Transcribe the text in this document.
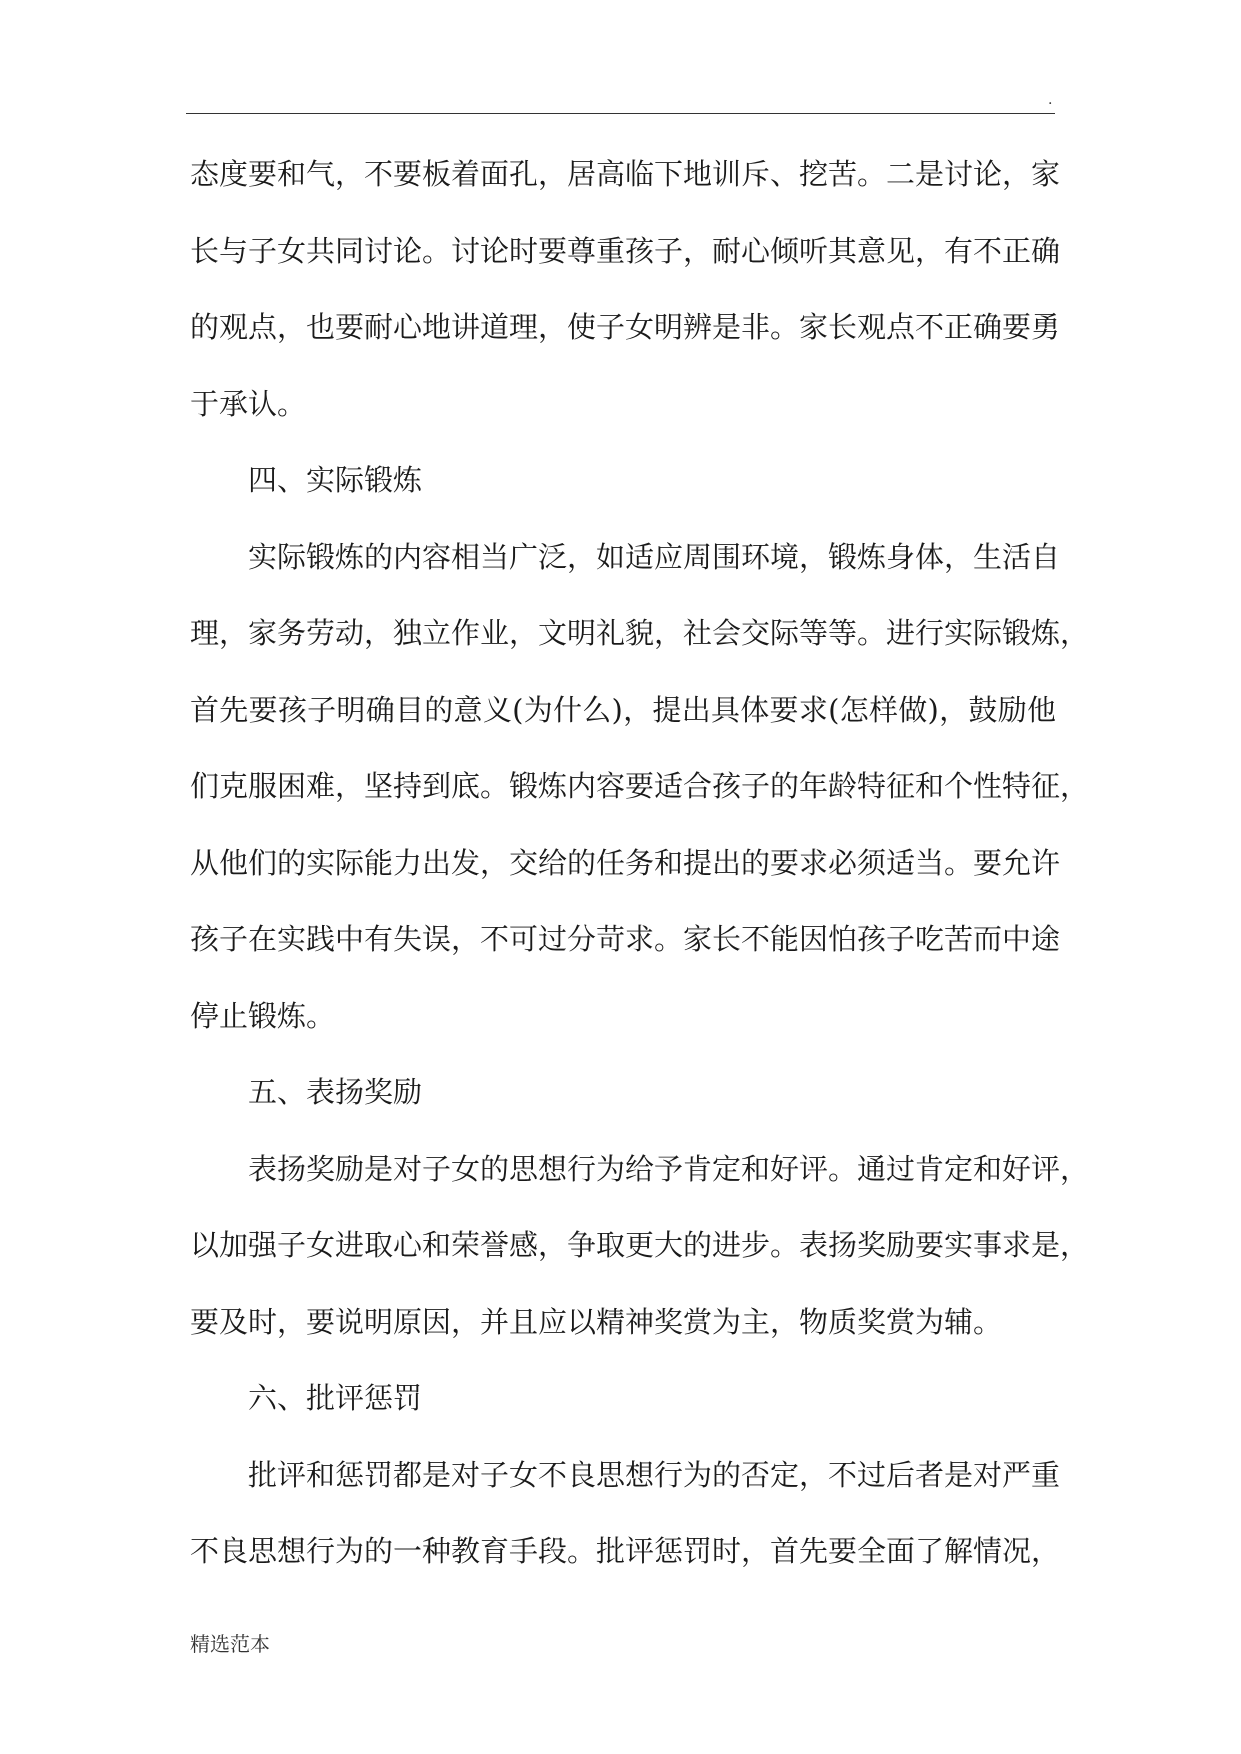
.
态度要和气，不要板着面孔，居高临下地训斥、挖苦。二是讨论，家
长与子女共同讨论。讨论时要尊重孩子，耐心倾听其意见，有不正确
的观点，也要耐心地讲道理，使子女明辨是非。家长观点不正确要勇
于承认。
四、实际锻炼
实际锻炼的内容相当广泛，如适应周围环境，锻炼身体，生活自
理，家务劳动，独立作业，文明礼貌，社会交际等等。进行实际锻炼，
首先要孩子明确目的意义(为什么)，提出具体要求(怎样做)，鼓励他
们克服困难，坚持到底。锻炼内容要适合孩子的年龄特征和个性特征，
从他们的实际能力出发，交给的任务和提出的要求必须适当。要允许
孩子在实践中有失误，不可过分苛求。家长不能因怕孩子吃苦而中途
停止锻炼。
五、表扬奖励
表扬奖励是对子女的思想行为给予肯定和好评。通过肯定和好评，
以加强子女进取心和荣誉感，争取更大的进步。表扬奖励要实事求是，
要及时，要说明原因，并且应以精神奖赏为主，物质奖赏为辅。
六、批评惩罚
批评和惩罚都是对子女不良思想行为的否定，不过后者是对严重
不良思想行为的一种教育手段。批评惩罚时，首先要全面了解情况，
精选范本
